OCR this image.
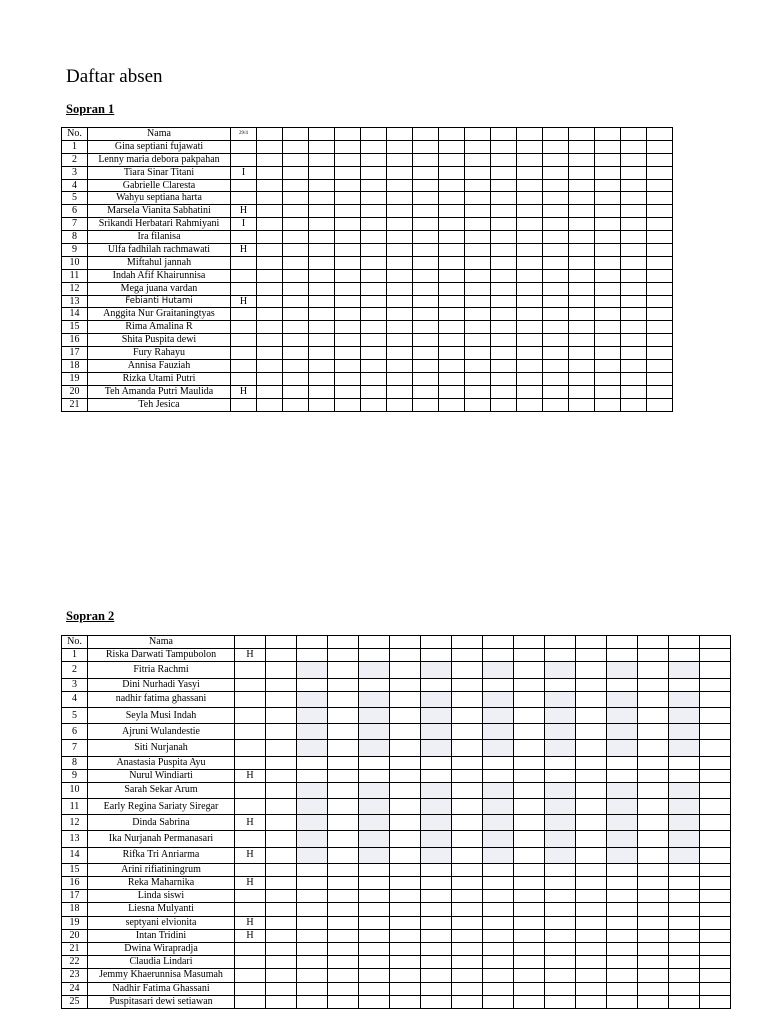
Daftar absen
Sopran 1
No.	Nama	29/4																
1	Gina septiani fujawati																	
2	Lenny maria debora pakpahan																	
3	Tiara Sinar Titani	I																
4	Gabrielle Claresta																	
5	Wahyu septiana harta																	
6	Marsela Vianita Sabhatini	H																
7	Srikandi Herbatari Rahmiyani	I																
8	Ira filanisa																	
9	Ulfa fadhilah rachmawati	H																
10	Miftahul jannah																	
11	Indah Afif Khairunnisa																	
12	Mega juana vardan																	
13	Febianti Hutami	H																
14	Anggita Nur Graitaningtyas																	
15	Rima Amalina R																	
16	Shita Puspita dewi																	
17	Fury Rahayu																	
18	Annisa Fauziah																	
19	Rizka Utami Putri																	
20	Teh Amanda Putri Maulida	H																
21	Teh Jesica																	
Sopran 2
No.	Nama																
1	Riska Darwati Tampubolon	H															
2	Fitria Rachmi																
3	Dini Nurhadi Yasyi																
4	nadhir fatima ghassani																
5	Seyla Musi Indah																
6	Ajruni Wulandestie																
7	Siti Nurjanah																
8	Anastasia Puspita Ayu																
9	Nurul Windiarti	H															
10	Sarah Sekar Arum																
11	Early Regina Sariaty Siregar																
12	Dinda Sabrina	H															
13	Ika Nurjanah Permanasari																
14	Rifka Tri Anriarma	H															
15	Arini rifiatiningrum																
16	Reka Maharnika	H															
17	Linda siswi																
18	Liesna Mulyanti																
19	septyani elvionita	H															
20	Intan Tridini	H															
21	Dwina Wirapradja																
22	Claudia Lindari																
23	Jemmy Khaerunnisa Masumah																
24	Nadhir Fatima Ghassani																
25	Puspitasari dewi setiawan																
